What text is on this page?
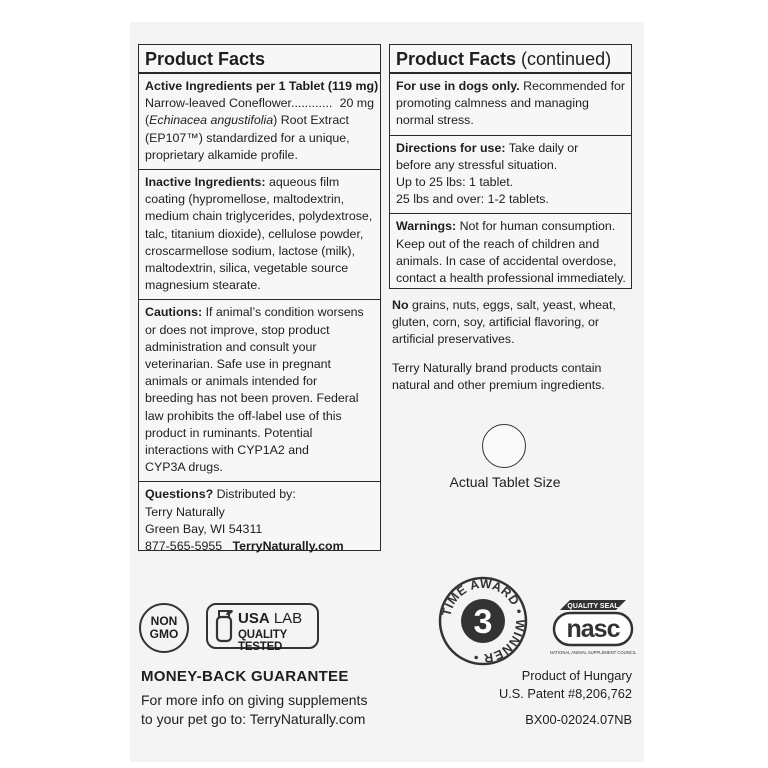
Product Facts
Active Ingredients per 1 Tablet (119 mg)
Narrow-leaved Coneflower............ 20 mg
(Echinacea angustifolia) Root Extract
(EP107™) standardized for a unique,
proprietary alkamide profile.
Inactive Ingredients: aqueous film
coating (hypromellose, maltodextrin,
medium chain triglycerides, polydextrose,
talc, titanium dioxide), cellulose powder,
croscarmellose sodium, lactose (milk),
maltodextrin, silica, vegetable source
magnesium stearate.
Cautions: If animal’s condition worsens
or does not improve, stop product
administration and consult your
veterinarian. Safe use in pregnant
animals or animals intended for
breeding has not been proven. Federal
law prohibits the off-label use of this
product in ruminants. Potential
interactions with CYP1A2 and
CYP3A drugs.
Questions? Distributed by:
Terry Naturally
Green Bay, WI 54311
877-565-5955 TerryNaturally.com
Product Facts (continued)
For use in dogs only. Recommended for
promoting calmness and managing
normal stress.
Directions for use: Take daily or
before any stressful situation.
Up to 25 lbs: 1 tablet.
25 lbs and over: 1-2 tablets.
Warnings: Not for human consumption.
Keep out of the reach of children and
animals. In case of accidental overdose,
contact a health professional immediately.
No grains, nuts, eggs, salt, yeast, wheat,
gluten, corn, soy, artificial flavoring, or
artificial preservatives.
Terry Naturally brand products contain
natural and other premium ingredients.
Actual Tablet Size
NON
GMO
USA LAB
QUALITY TESTED
TIME AWARD • WINNER •
3	QUALITY SEAL
nasc
NATIONAL ANIMAL SUPPLEMENT COUNCIL
MONEY-BACK GUARANTEE
For more info on giving supplements
to your pet go to: TerryNaturally.com
Product of Hungary
U.S. Patent #8,206,762
BX00-02024.07NB
